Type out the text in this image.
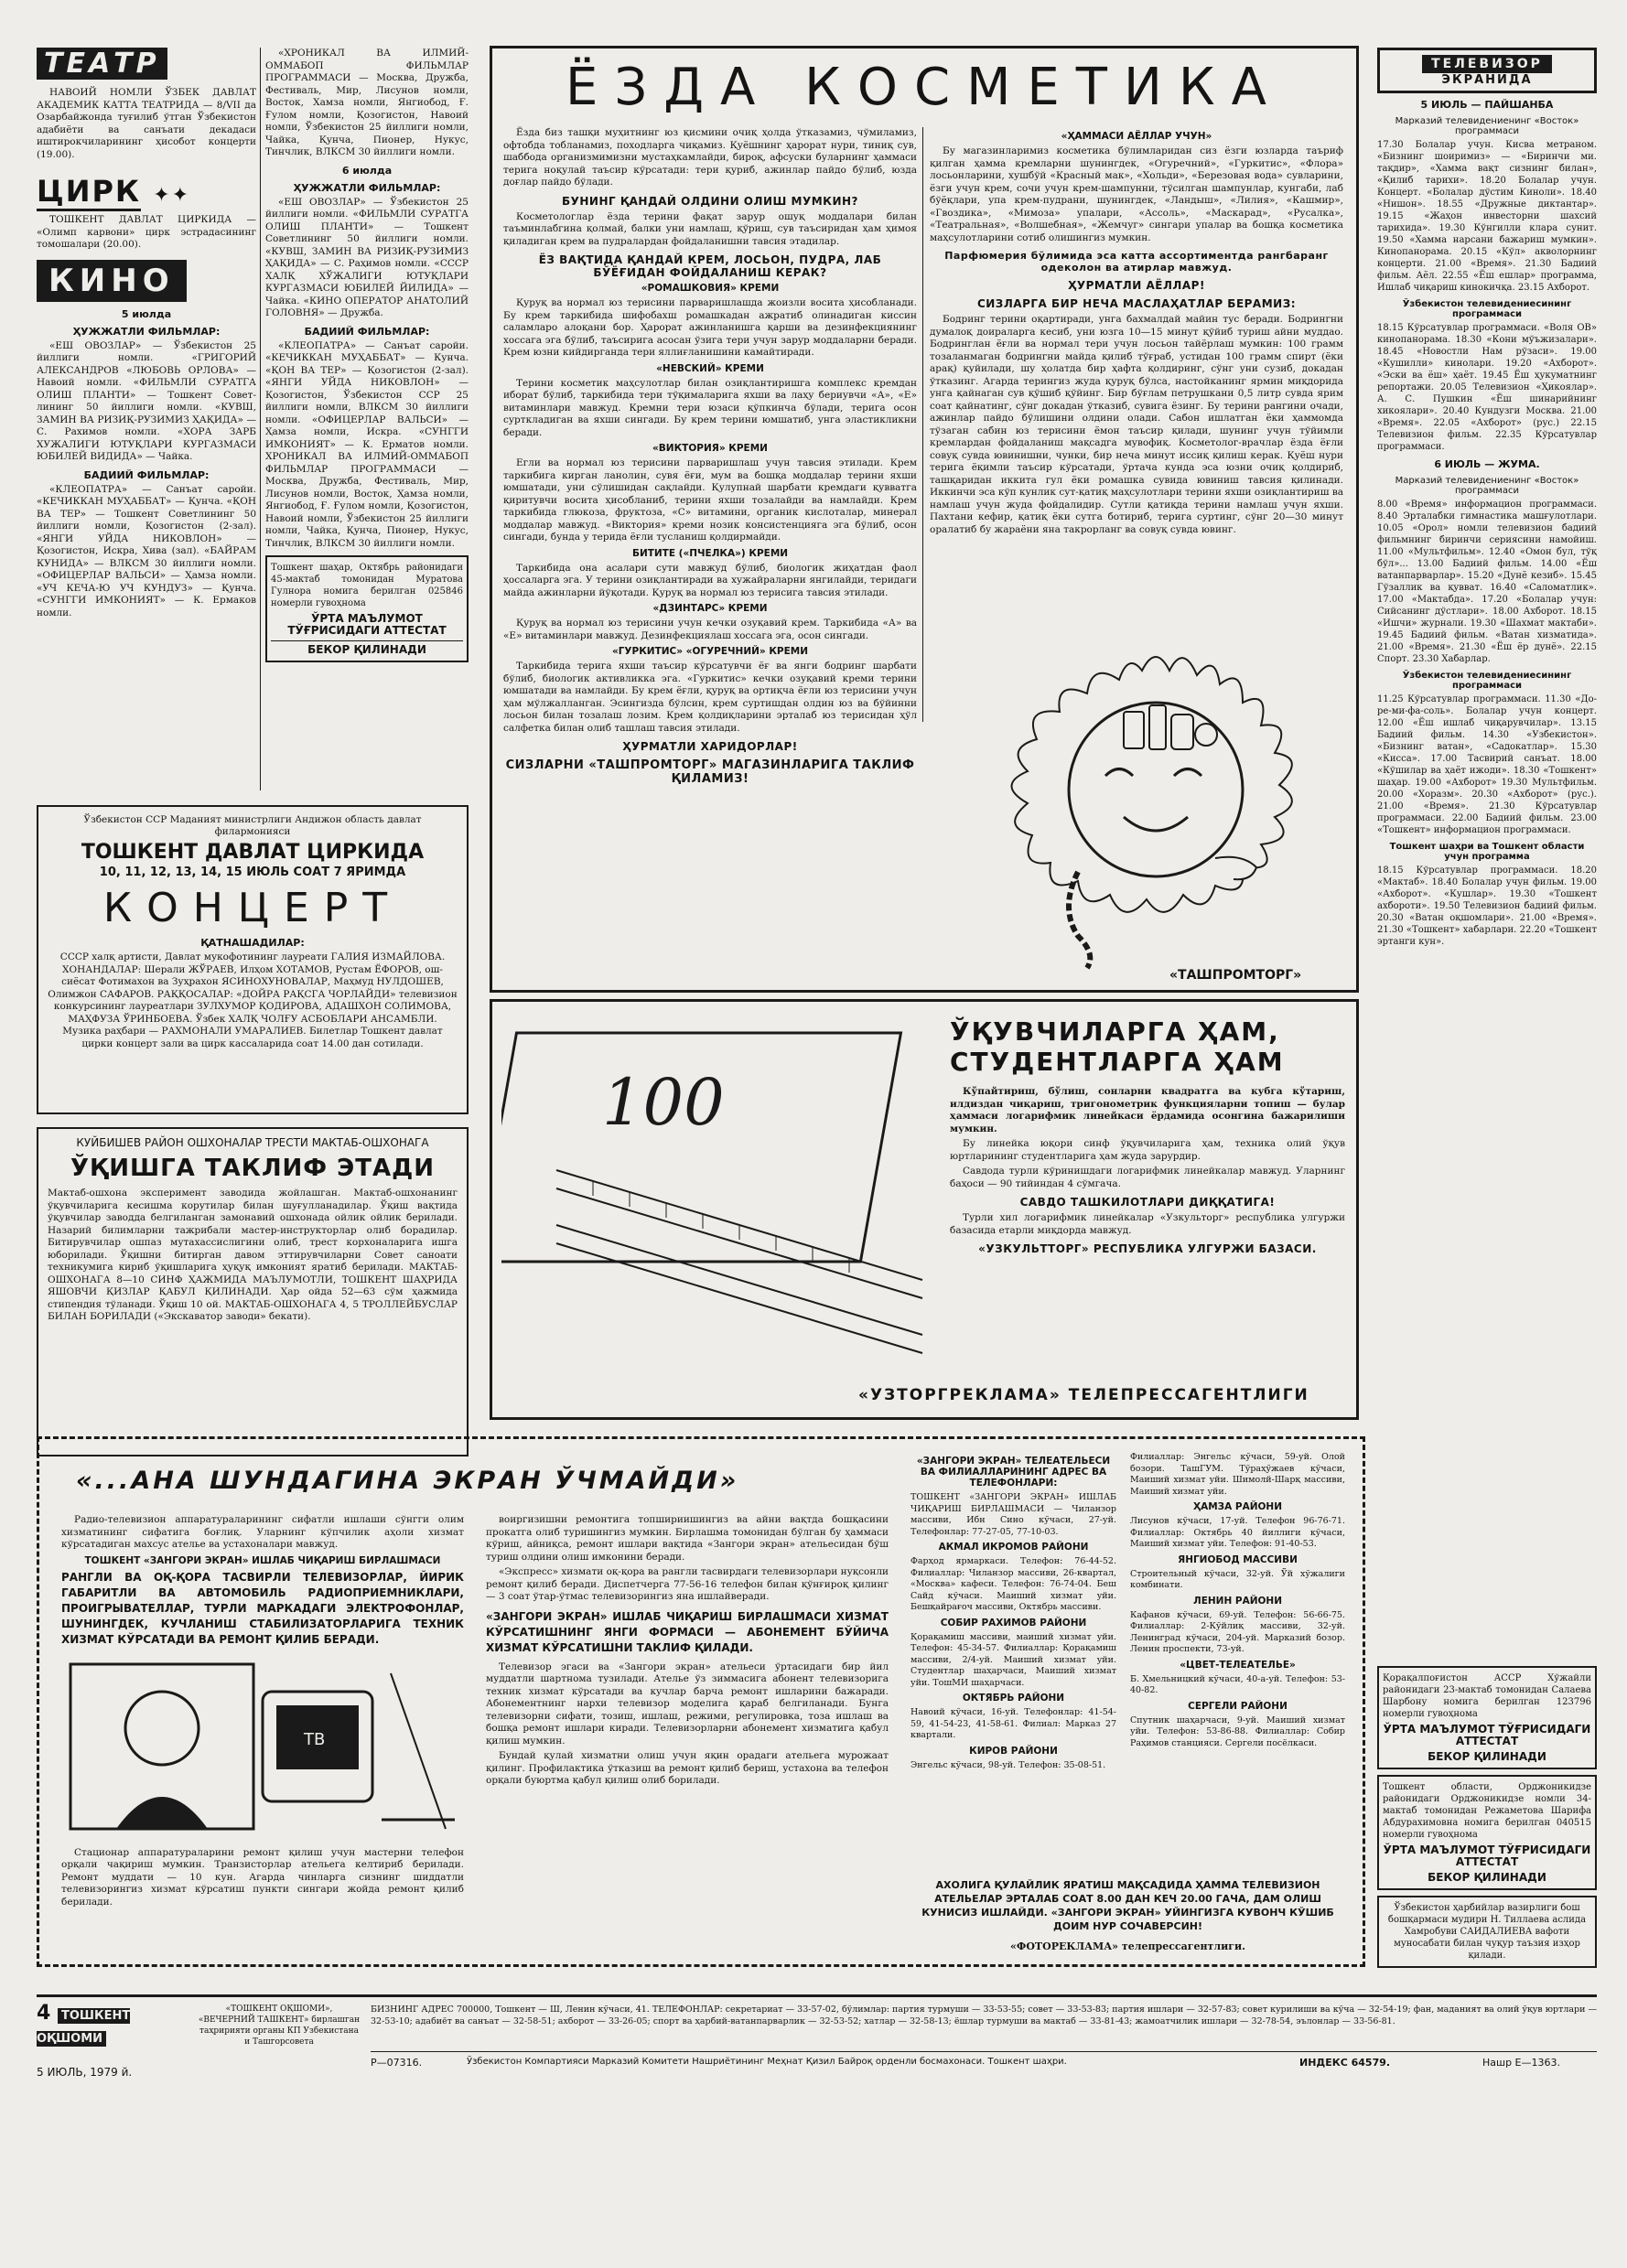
ТЕАТР

НАВОИЙ НОМЛИ ЎЗБЕК ДАВЛАТ АКАДЕМИК КАТТА ТЕАТРИДА — 8/VII да Озарбайжонда туғилиб ўтган Ўзбекистон адабиёти ва санъати декадаси иштирокчиларининг ҳисобот концерти (19.00).

ЦИРК ✦✦

ТОШКЕНТ ДАВЛАТ ЦИРКИДА — «Олимп карвони» цирк эстрадасининг томошалари (20.00).

КИНО
5 июлда
ҲУЖЖАТЛИ ФИЛЬМЛАР:

«ЕШ ОВОЗЛАР» — Ўзбекистон 25 йиллиги номли. «ГРИГОРИЙ АЛЕКСАНДРОВ «ЛЮБОВЬ ОРЛОВА» — Навоий номли. «ФИЛЬМЛИ СУРАТГА ОЛИШ ПЛАНТИ» — Тошкент Советлининг 50 йиллиги номли. «КУВШ, ЗАМИН ВА РИЗИҚ-РУЗИМИЗ ҲАҚИДА» — С. Рахимов номли. «ХОРА ЗАРБ ХУЖАЛИГИ ЮТУҚЛАРИ КУРГАЗМАСИ ЮБИЛЕЙ ВИДИДА» — Чайка.

БАДИИЙ ФИЛЬМЛАР:

«КЛЕОПАТРА» — Санъат саройи. «КЕЧИККАН МУҲАББАТ» — Қунча. «ҚОН ВА ТЕР» — Тошкент Советлининг 50 йиллиги номли, Қозогистон (2-зал). «ЯНГИ УЙДА НИКОВЛОН» — Қозогистон, Искра, Хива (зал). «БАЙРАМ КУНИДА» — ВЛКСМ 30 йиллиги номли. «ОФИЦЕРЛАР ВАЛЬСИ» — Ҳамза номли. «УЧ КЕЧА-Ю УЧ КУНДУЗ» — Қунча. «СУНГГИ ИМКОНИЯТ» — К. Ермаков номли.

«ХРОНИКАЛ ВА ИЛМИЙ-ОММАБОП ФИЛЬМЛАР ПРОГРАММАСИ — Москва, Дружба, Фестиваль, Мир, Лисунов номли, Восток, Хамза номли, Янгиобод, Ғ. Ғулом номли, Қозогистон, Навоий номли, Ўзбекистон 25 йиллиги номли, Чайка, Қунча, Пионер, Нукус, Тинчлик, ВЛКСМ 30 йиллиги номли.

6 июлда
ҲУЖЖАТЛИ ФИЛЬМЛАР:

«ЕШ ОВОЗЛАР» — Ўзбекистон 25 йиллиги номли. «ФИЛЬМЛИ СУРАТГА ОЛИШ ПЛАНТИ» — Тошкент Советлининг 50 йиллиги номли. «КУВШ, ЗАМИН ВА РИЗИҚ-РУЗИМИЗ ҲАҚИДА» — С. Раҳимов номли. «СССР ХАЛҚ ХЎЖАЛИГИ ЮТУҚЛАРИ КУРГАЗМАСИ ЮБИЛЕЙ ЙИЛИДА» — Чайка. «КИНО ОПЕРАТОР АНАТОЛИЙ ГОЛОВНЯ» — Дружба.

БАДИИЙ ФИЛЬМЛАР:

«КЛЕОПАТРА» — Санъат саройи. «КЕЧИККАН МУҲАББАТ» — Кунча. «ҚОН ВА ТЕР» — Қозогистон (2-зал). «ЯНГИ УЙДА НИКОВЛОН» — Қозогистон, Ўзбекистон ССР 25 йиллиги номли, ВЛКСМ 30 йиллиги номли. «ОФИЦЕРЛАР ВАЛЬСИ» — Ҳамза номли, Искра. «СУНГГИ ИМКОНИЯТ» — К. Ерматов номли. ХРОНИКАЛ ВА ИЛМИЙ-ОММАБОП ФИЛЬМЛАР ПРОГРАММАСИ — Москва, Дружба, Фестиваль, Мир, Лисунов номли, Восток, Ҳамза номли, Янгиобод, Ғ. Ғулом номли, Қозогистон, Навоий номли, Ўзбекистон 25 йиллиги номли, Чайка, Қунча, Пионер, Нукус, Тинчлик, ВЛКСМ 30 йиллиги номли.

Тошкент шаҳар, Октябрь районидаги 45-мактаб томонидан Муратова Гулнора номига берилган 025846 номерли гувоҳнома
ЎРТА МАЪЛУМОТ ТЎҒРИСИДАГИ АТТЕСТАТ
БЕКОР ҚИЛИНАДИ
Ўзбекистон ССР Маданият министрлиги Андижон область давлат филармонияси
ТОШКЕНТ ДАВЛАТ ЦИРКИДА
10, 11, 12, 13, 14, 15 ИЮЛЬ СОАТ 7 ЯРИМДА
КОНЦЕРТ
ҚАТНАШАДИЛАР:

СССР халқ артисти, Давлат мукофотининг лауреати ГАЛИЯ ИЗМАЙЛОВА. ХОНАНДАЛАР: Шерали ЖЎРАЕВ, Илҳом ХОТАМОВ, Рустам ЁФОРОВ, ош-сиёсат Фотимахон ва Зуҳрахон ЯСИНОХУНОВАЛАР, Маҳмуд НУЛДОШЕВ, Олимжон САФАРОВ. РАҚҚОСАЛАР: «ДОЙРА РАҚСГА ЧОРЛАЙДИ» телевизион конкурсининг лауреатлари ЗУЛХУМОР ҚОДИРОВА, АДАШХОН СОЛИМОВА, МАҲФУЗА ЎРИНБОЕВА. Ўзбек ХАЛҚ ЧОЛҒУ АСБОБЛАРИ АНСАМБЛИ. Музика раҳбари — РАХМОНАЛИ УМАРАЛИЕВ. Билетлар Тошкент давлат цирки концерт зали ва цирк кассаларида соат 14.00 дан сотилади.

КУЙБИШЕВ РАЙОН ОШХОНАЛАР ТРЕСТИ МАКТАБ-ОШХОНАГА
ЎҚИШГА ТАКЛИФ ЭТАДИ

Мактаб-ошхона эксперимент заводида жойлашган. Мактаб-ошхонанинг ўқувчиларига кесишма корутилар билан шуғулланадилар. Ўқиш вақтида ўқувчилар заводда белгиланган замонавий ошхонада ойлик ойлик берилади. Назарий билимларни тажрибали мастер-инструкторлар олиб борадилар. Битирувчилар ошпаз мутахассислигини олиб, трест корхоналарига ишга юборилади. Ўқишни битирган давом эттирувчиларни Совет саноати техникумига кириб ўқишларига ҳуқуқ имконият яратиб берилади. МАКТАБ-ОШХОНАГА 8—10 СИНФ ҲАЖМИДА МАЪЛУМОТЛИ, ТОШКЕНТ ШАҲРИДА ЯШОВЧИ ҚИЗЛАР ҚАБУЛ ҚИЛИНАДИ. Ҳар ойда 52—63 сўм ҳажмида стипендия тўланади. Ўқиш 10 ой. МАКТАБ-ОШХОНАГА 4, 5 ТРОЛЛЕЙБУСЛАР БИЛАН БОРИЛАДИ («Экскаватор заводи» бекати).

ЁЗДА КОСМЕТИКА

Ёзда биз ташқи муҳитнинг юз қисмини очиқ ҳолда ўтказамиз, чўмиламиз, офтобда тобланамиз, походларга чиқамиз. Қуёшнинг ҳарорат нури, тиниқ сув, шаббода организмимизни мустаҳкамлайди, бироқ, афсуски буларнинг ҳаммаси терига ноқулай таъсир кўрсатади: тери қуриб, ажинлар пайдо бўлиб, юзда доғлар пайдо бўлади.

БУНИНГ ҚАНДАЙ ОЛДИНИ ОЛИШ МУМКИН?

Косметологлар ёзда терини фақат зарур ошуқ моддалари билан таъминлабгина қолмай, балки уни намлаш, қўриш, сув таъсиридан ҳам ҳимоя қиладиган крем ва пудралардан фойдаланишни тавсия этадилар.

ЁЗ ВАҚТИДА ҚАНДАЙ КРЕМ, ЛОСЬОН, ПУДРА, ЛАБ БЎЁҒИДАН ФОЙДАЛАНИШ КЕРАК?
«РОМАШКОВИЯ» КРЕМИ

Қуруқ ва нормал юз терисини парваришлашда жоизли восита ҳисобланади. Бу крем таркибида шифобахш ромашкадан ажратиб олинадиган киссин саламларо алоқани бор. Ҳарорат ажинланишга қарши ва дезинфекциянинг хоссага эга бўлиб, таъсирига асосан ўзига тери учун зарур моддаларни беради. Крем юзни кийдирганда тери яллиғланишини камайтиради.

«НЕВСКИЙ» КРЕМИ

Терини косметик маҳсулотлар билан озиқлантиришга комплекс кремдан иборат бўлиб, таркибида тери тўқималарига яхши ва лаҳу бериувчи «А», «Е» витаминлари мавжуд. Кремни тери юзаси қўпкинча бўлади, терига осон сурткладиган ва яхши сингади. Бу крем терини юмшатиб, унга эластикликни беради.

«ВИКТОРИЯ» КРЕМИ

Егли ва нормал юз терисини парваришлаш учун тавсия этилади. Крем таркибига кирган ланолин, сувя ёғи, мум ва бошқа моддалар терини яхши юмшатади, уни сўлишидан сақлайди. Қулупнай шарбати кремдаги қувватга қиритувчи восита ҳисобланиб, терини яхши тозалайди ва намлайди. Крем таркибида глюкоза, фруктоза, «С» витамини, органик кислоталар, минерал моддалар мавжуд. «Виктория» креми нозик консистенцияга эга бўлиб, осон сингади, бунда у терида ёғли тусланиш қолдирмайди.

БИТИТЕ («ПЧЕЛКА») КРЕМИ

Таркибида она асалари сути мавжуд бўлиб, биологик жиҳатдан фаол ҳоссаларга эга. У терини озиқлантиради ва хужайраларни янгилайди, теридаги майда ажинларни йўқотади. Қуруқ ва нормал юз терисига тавсия этилади.

«ДЗИНТАРС» КРЕМИ

Қуруқ ва нормал юз терисини учун кечки озуқавий крем. Таркибида «А» ва «Е» витаминлари мавжуд. Дезинфекциялаш хоссага эга, осон сингади.

«ГУРКИТИС» «ОГУРЕЧНИЙ» КРЕМИ

Таркибида терига яхши таъсир кўрсатувчи ёғ ва янги бодринг шарбати бўлиб, биологик активликка эга. «Гуркитис» кечки озуқавий креми терини юмшатади ва намлайди. Бу крем ёғли, қуруқ ва ортиқча ёғли юз терисини учун ҳам мўлжалланган. Эсингизда бўлсин, крем суртишдан олдин юз ва бўйинни лосьон билан тозалаш лозим. Крем қолдиқларини эрталаб юз терисидан ҳўл салфетка билан олиб ташлаш тавсия этилади.

ҲУРМАТЛИ ХАРИДОРЛАР!
СИЗЛАРНИ «ТАШПРОМТОРГ» МАГАЗИНЛАРИГА ТАКЛИФ ҚИЛАМИЗ!
«ҲАММАСИ АЁЛЛАР УЧУН»

Бу магазинларимиз косметика бўлимларидан сиз ёзги юзларда таъриф қилган ҳамма кремларни шунингдек, «Огуречний», «Гуркитис», «Флора» лосьонларини, хушбўй «Красный мак», «Хольди», «Березовая вода» сувларини, ёзги учун крем, сочи учун крем-шампунни, тўсилган шампунлар, кунгаби, лаб бўёқлари, упа крем-пудрани, шунингдек, «Ландыш», «Лилия», «Кашмир», «Гвоздика», «Мимоза» упалари, «Ассоль», «Маскарад», «Русалка», «Театральная», «Волшебная», «Жемчуг» сингари упалар ва бошқа косметика маҳсулотларини сотиб олишингиз мумкин.

Парфюмерия бўлимида эса катта ассортиментда рангбаранг одеколон ва атирлар мавжуд.
ҲУРМАТЛИ АЁЛЛАР!
СИЗЛАРГА БИР НЕЧА МАСЛАҲАТЛАР БЕРАМИЗ:

Бодринг терини оқартиради, унга бахмалдай майин тус беради. Бодрингни думалоқ доираларга кесиб, уни юзга 10—15 минут қўйиб туриш айни муддао. Бодринглан ёғли ва нормал тери учун лосьон тайёрлаш мумкин: 100 грамм тозаланмаган бодрингни майда қилиб тўғраб, устидан 100 грамм спирт (ёки арақ) қуйилади, шу ҳолатда бир ҳафта қолдиринг, сўнг уни сузиб, докадан ўтказинг. Агарда терингиз жуда қуруқ бўлса, настойканинг ярмин миқдорида унга қайнаган сув қўшиб қўйинг. Бир бўғлам петрушкани 0,5 литр сувда ярим соат қайнатинг, сўнг докадан ўтказиб, сувига ёзинг. Бу терини рангини очади, ажинлар пайдо бўлишини олдини олади. Сабон ишлатган ёки ҳаммомда тўзаган сабин юз терисини ёмон таъсир қилади, шунинг учун тўйимли кремлардан фойдаланиш мақсадга мувофиқ. Косметолог-врачлар ёзда ёғли совуқ сувда ювинишни, чунки, бир неча минут иссиқ қилиш керак. Қуёш нури терига ёқимли таъсир кўрсатади, ўртача кунда эса юзни очиқ қолдириб, ташқаридан иккита гул ёки ромашка сувида ювиниш тавсия қилинади. Иккинчи эса кўп кунлик сут-қатиқ маҳсулотлари терини яхши озиқлантириш ва намлаш учун жуда фойдалидир. Сутли қатиқда терини намлаш учун яхши. Пахтани кефир, қатиқ ёки сутга ботириб, терига суртинг, сўнг 20—30 минут оралатиб бу жараёни яна такрорланг ва совуқ сувда ювинг.

«ТАШПРОМТОРГ»
100
ЎҚУВЧИЛАРГА ҲАМ,
СТУДЕНТЛАРГА ҲАМ

Кўпайтириш, бўлиш, сонларни квадратга ва кубга кўтариш, илдиздан чиқариш, тригонометрик функцияларни топиш — булар ҳаммаси логарифмик линейкаси ёрдамида осонгина бажарилиши мумкин.

Бу линейка юқори синф ўқувчиларига ҳам, техника олий ўқув юртларининг студентларига ҳам жуда зарурдир.

Савдода турли кўринишдаги логарифмик линейкалар мавжуд. Уларнинг баҳоси — 90 тийиндан 4 сўмгача.

САВДО ТАШКИЛОТЛАРИ ДИҚҚАТИГА!

Турли хил логарифмик линейкалар «Узкульторг» республика улгуржи базасида етарли миқдорда мавжуд.

«УЗКУЛЬТТОРГ» РЕСПУБЛИКА УЛГУРЖИ БАЗАСИ.
«УЗТОРГРЕКЛАМА» ТЕЛЕПРЕССАГЕНТЛИГИ
ТЕЛЕВИЗОР
ЭКРАНИДА
5 ИЮЛЬ — ПАЙШАНБА
Марказий телевидениенинг «Восток» программаси

17.30 Болалар учун. Кисва метраном. «Бизнинг шоиримиз» — «Биринчи ми. тақдир», «Хамма вақт сизнинг билан», «Қилиб тарихи». 18.20 Болалар учун. Концерт. «Болалар дўстим Киноли». 18.40 «Нишон». 18.55 «Дружные диктантар». 19.15 «Жаҳон инвесторни шахсий тарихида». 19.30 Кўнгилли клара сунит. 19.50 «Хамма нарсани бажариш мумкин». Кинопанорама. 20.15 «Кўл» акволорнинг концерти. 21.00 «Время». 21.30 Бадиий фильм. Аёл. 22.55 «Ёш ешлар» программа, Ишлаб чиқариш кинокичқа. 23.15 Ахборот.

Ўзбекистон телевидениесининг программаси

18.15 Кўрсатувлар программаси. «Воля ОВ» кинопанорама. 18.30 «Кони мўъжизалари». 18.45 «Новостли Нам рўзаси». 19.00 «Кушилли» кинолари. 19.20 «Ахборот». «Эски ва ёш» ҳаёт. 19.45 Ёш ҳукуматнинг репортажи. 20.05 Телевизион «Ҳикоялар». А. С. Пушкин «Ёш шинарийнинг хикоялари». 20.40 Кундузги Москва. 21.00 «Время». 22.05 «Ахборот» (рус.) 22.15 Телевизион фильм. 22.35 Кўрсатувлар программаси.

6 ИЮЛЬ — ЖУМА.
Марказий телевидениенинг «Восток» программаси

8.00 «Время» информацион программаси. 8.40 Эрталабки гимнастика машғулотлари. 10.05 «Орол» номли телевизион бадиий фильмнинг биринчи сериясини намойиш. 11.00 «Мультфильм». 12.40 «Омон бул, тўқ бўл»... 13.00 Бадиий фильм. 14.00 «Ёш ватанпарварлар». 15.20 «Дунё кезиб». 15.45 Гўзаллик ва қувват. 16.40 «Саломатлик». 17.00 «Мактабда». 17.20 «Болалар учун: Сийсанинг дўстлари». 18.00 Ахборот. 18.15 «Ишчи» журнали. 19.30 «Шахмат мактаби». 19.45 Бадиий фильм. «Ватан хизматида». 21.00 «Время». 21.30 «Ёш ёр дунё». 22.15 Спорт. 23.30 Хабарлар.

Ўзбекистон телевидениесининг программаси

11.25 Кўрсатувлар программаси. 11.30 «До-ре-ми-фа-соль». Болалар учун концерт. 12.00 «Ёш ишлаб чиқарувчилар». 13.15 Бадиий фильм. 14.30 «Узбекистон». «Бизнинг ватан», «Садокатлар». 15.30 «Кисса». 17.00 Тасвирий санъат. 18.00 «Кўшилар ва ҳаёт ижоди». 18.30 «Тошкент» шаҳар. 19.00 «Ахборот» 19.30 Мультфильм. 20.00 «Хоразм». 20.30 «Ахборот» (рус.). 21.00 «Время». 21.30 Кўрсатувлар программаси. 22.00 Бадиий фильм. 23.00 «Тошкент» информацион программаси.

Тошкент шаҳри ва Тошкент области учун программа

18.15 Кўрсатувлар программаси. 18.20 «Мактаб». 18.40 Болалар учун фильм. 19.00 «Ахборот». «Кушлар». 19.30 «Тошкент ахбороти». 19.50 Телевизион бадиий фильм. 20.30 «Ватан оқшомлари». 21.00 «Время». 21.30 «Тошкент» хабарлари. 22.20 «Тошкент эртанги кун».

Қорақалпоғистон АССР Хўжайли районидаги 23-мактаб томонидан Салаева Шарбону номига берилган 123796 номерли гувоҳнома
ЎРТА МАЪЛУМОТ ТЎҒРИСИДАГИ АТТЕСТАТ
БЕКОР ҚИЛИНАДИ
Тошкент области, Орджоникидзе районидаги Орджоникидзе номли 34-мактаб томонидан Режаметова Шарифа Абдурахимовна номига берилган 040515 номерли гувоҳнома
ЎРТА МАЪЛУМОТ ТЎҒРИСИДАГИ АТТЕСТАТ
БЕКОР ҚИЛИНАДИ
Ўзбекистон ҳарбийлар вазирлиги бош бошқармаси мудири Н. Тиллаева аслида Хамробуви САИДАЛИЕВА вафоти муносабати билан чуқур таъзия изҳор қилади.
«...АНА ШУНДАГИНА ЭКРАН ЎЧМАЙДИ»

Радио-телевизион аппаратураларининг сифатли ишлаши сўнгги олим хизматининг сифатига боғлиқ. Уларнинг кўпчилик аҳоли хизмат кўрсатадиган махсус ателье ва устахоналари мавжуд.

ТОШКЕНТ «ЗАНГОРИ ЭКРАН» ИШЛАБ ЧИҚАРИШ БИРЛАШМАСИ
РАНГЛИ ВА ОҚ-ҚОРА ТАСВИРЛИ ТЕЛЕВИЗОРЛАР, ЙИРИК ГАБАРИТЛИ ВА АВТОМОБИЛЬ РАДИОПРИЕМНИКЛАРИ, ПРОИГРЫВАТЕЛЛАР, ТУРЛИ МАРКАДАГИ ЭЛЕКТРОФОНЛАР, ШУНИНГДЕК, КУЧЛАНИШ СТАБИЛИЗАТОРЛАРИГА ТЕХНИК ХИЗМАТ КЎРСАТАДИ ВА РЕМОНТ ҚИЛИБ БЕРАДИ.
ТВ

Стационар аппаратураларини ремонт қилиш учун мастерни телефон орқали чақириш мумкин. Транзисторлар ательега келтириб берилади. Ремонт муддати — 10 кун. Агарда чинларга сизнинг шиддатли телевизорингиз хизмат кўрсатиш пункти сингари жойда ремонт қилиб берилади.

воиргизишни ремонтига топшириишингиз ва айни вақтда бошқасини прокатга олиб туришингиз мумкин. Бирлашма томонидан бўлган бу ҳаммаси кўриш, айниқса, ремонт ишлари вақтида «Зангори экран» ательесидан бўш туриш олдини олиш имконини беради.

«Экспресс» хизмати оқ-қора ва рангли тасвирдаги телевизорлари нуқсонли ремонт қилиб беради. Диспетчерга 77-56-16 телефон билан қўнғироқ қилинг — 3 соат ўтар-ўтмас телевизорингиз яна ишлайверади.

«ЗАНГОРИ ЭКРАН» ИШЛАБ ЧИҚАРИШ БИРЛАШМАСИ ХИЗМАТ КЎРСАТИШНИНГ ЯНГИ ФОРМАСИ — АБОНЕМЕНТ БЎЙИЧА ХИЗМАТ КЎРСАТИШНИ ТАКЛИФ ҚИЛАДИ.

Телевизор эгаси ва «Зангори экран» ательеси ўртасидаги бир йил муддатли шартнома тузилади. Ателье ўз зиммасига абонент телевизорига техник хизмат кўрсатади ва кучлар барча ремонт ишларини бажаради. Абонементнинг нархи телевизор моделига қараб белгиланади. Бунга телевизорни сифати, тозиш, ишлаш, режими, регулировка, тоза ишлаш ва бошқа ремонт ишлари киради. Телевизорларни абонемент хизматига қабул қилиш мумкин.

Бундай қулай хизматни олиш учун яқин орадаги ательега мурожаат қилинг. Профилактика ўтказиш ва ремонт қилиб бериш, устахона ва телефон орқали буюртма қабул қилиш олиб борилади.

«ЗАНГОРИ ЭКРАН» ТЕЛЕАТЕЛЬЕСИ ВА ФИЛИАЛЛАРИНИНГ АДРЕС ВА ТЕЛЕФОНЛАРИ:

ТОШКЕНТ «ЗАНГОРИ ЭКРАН» ИШЛАБ ЧИҚАРИШ БИРЛАШМАСИ — Чиланзор массиви, Ибн Сино кўчаси, 27-уй. Телефонлар: 77-27-05, 77-10-03.

АКМАЛ ИКРОМОВ РАЙОНИ

Фарҳод ярмаркаси. Телефон: 76-44-52. Филиаллар: Чиланзор массиви, 26-квартал, «Москва» кафеси. Телефон: 76-74-04. Беш Сайд кўчаси. Маиший хизмат уйи. Бешқайрағоч массиви, Октябрь массиви.

СОБИР РАХИМОВ РАЙОНИ

Қорақамиш массиви, маиший хизмат уйи. Телефон: 45-34-57. Филиаллар: Қорақамиш массиви, 2/4-уй. Маиший хизмат уйи. Студентлар шаҳарчаси, Маиший хизмат уйи. ТошМИ шаҳарчаси.

ОКТЯБРЬ РАЙОНИ

Навоий кўчаси, 16-уй. Телефонлар: 41-54-59, 41-54-23, 41-58-61. Филиал: Марказ 27 квартали.

КИРОВ РАЙОНИ

Энгельс кўчаси, 98-уй. Телефон: 35-08-51.

Филиаллар: Энгельс кўчаси, 59-уй. Олой бозори. ТашГУМ. Тўраҳўжаев кўчаси, Маиший хизмат уйи. Шимолй-Шарқ массиви, Маиший хизмат уйи.

ҲАМЗА РАЙОНИ

Лисунов кўчаси, 17-уй. Телефон 96-76-71. Филиаллар: Октябрь 40 йиллиги кўчаси, Маиший хизмат уйи. Телефон: 91-40-53.

ЯНГИОБОД МАССИВИ

Строительный кўчаси, 32-уй. Ўй хўжалиги комбинати.

ЛЕНИН РАЙОНИ

Кафанов кўчаси, 69-уй. Телефон: 56-66-75. Филиаллар: 2-Кўйлиқ массиви, 32-уй. Ленинград кўчаси, 204-уй. Марказий бозор. Ленин проспекти, 73-уй.

«ЦВЕТ-ТЕЛЕАТЕЛЬЕ»

Б. Хмельницкий кўчаси, 40-а-уй. Телефон: 53-40-82.

СЕРГЕЛИ РАЙОНИ

Спутник шаҳарчаси, 9-уй. Маиший хизмат уйи. Телефон: 53-86-88. Филиаллар: Собир Раҳимов станцияси. Сергели посёлкаси.

АХОЛИГА ҚУЛАЙЛИК ЯРАТИШ МАҚСАДИДА ҲАММА ТЕЛЕВИЗИОН АТЕЛЬЕЛАР ЭРТАЛАБ СОАТ 8.00 ДАН КЕЧ 20.00 ГАЧА, ДАМ ОЛИШ КУНИСИЗ ИШЛАЙДИ. «ЗАНГОРИ ЭКРАН» УЙИНГИЗГА КУВОНЧ КЎШИБ ДОИМ НУР СОЧАВЕРСИН!
«ФОТОРЕКЛАМА» телепрессагентлиги.
4 ТОШКЕНТ ОҚШОМИ
5 ИЮЛЬ, 1979 й.
«ТОШКЕНТ ОҚШОМИ», «ВЕЧЕРНИЙ ТАШКЕНТ» бирлашган таҳририяти органы КП Узбекистана и Ташгорсовета
БИЗНИНГ АДРЕС 700000, Тошкент — Ш, Ленин кўчаси, 41. ТЕЛЕФОНЛАР: секретариат — 33-57-02, бўлимлар: партия турмуши — 33-53-55; совет — 33-53-83; партия ишлари — 32-57-83; совет курилиши ва кўча — 32-54-19; фан, маданият ва олий ўқув юртлари — 32-53-10; адабиёт ва санъат — 32-58-51; ахборот — 33-26-05; спорт ва ҳарбий-ватанпарварлик — 32-53-52; хатлар — 32-58-13; ёшлар турмуши ва мактаб — 33-81-43; жамоатчилик ишлари — 32-78-54, эълонлар — 33-56-81.
Р—07316.	Ўзбекистон Компартияси Марказий Комитети Нашриётининг Меҳнат Қизил Байроқ орденли босмахонаси. Тошкент шаҳри.	ИНДЕКС 64579.	Нашр Е—1363.
